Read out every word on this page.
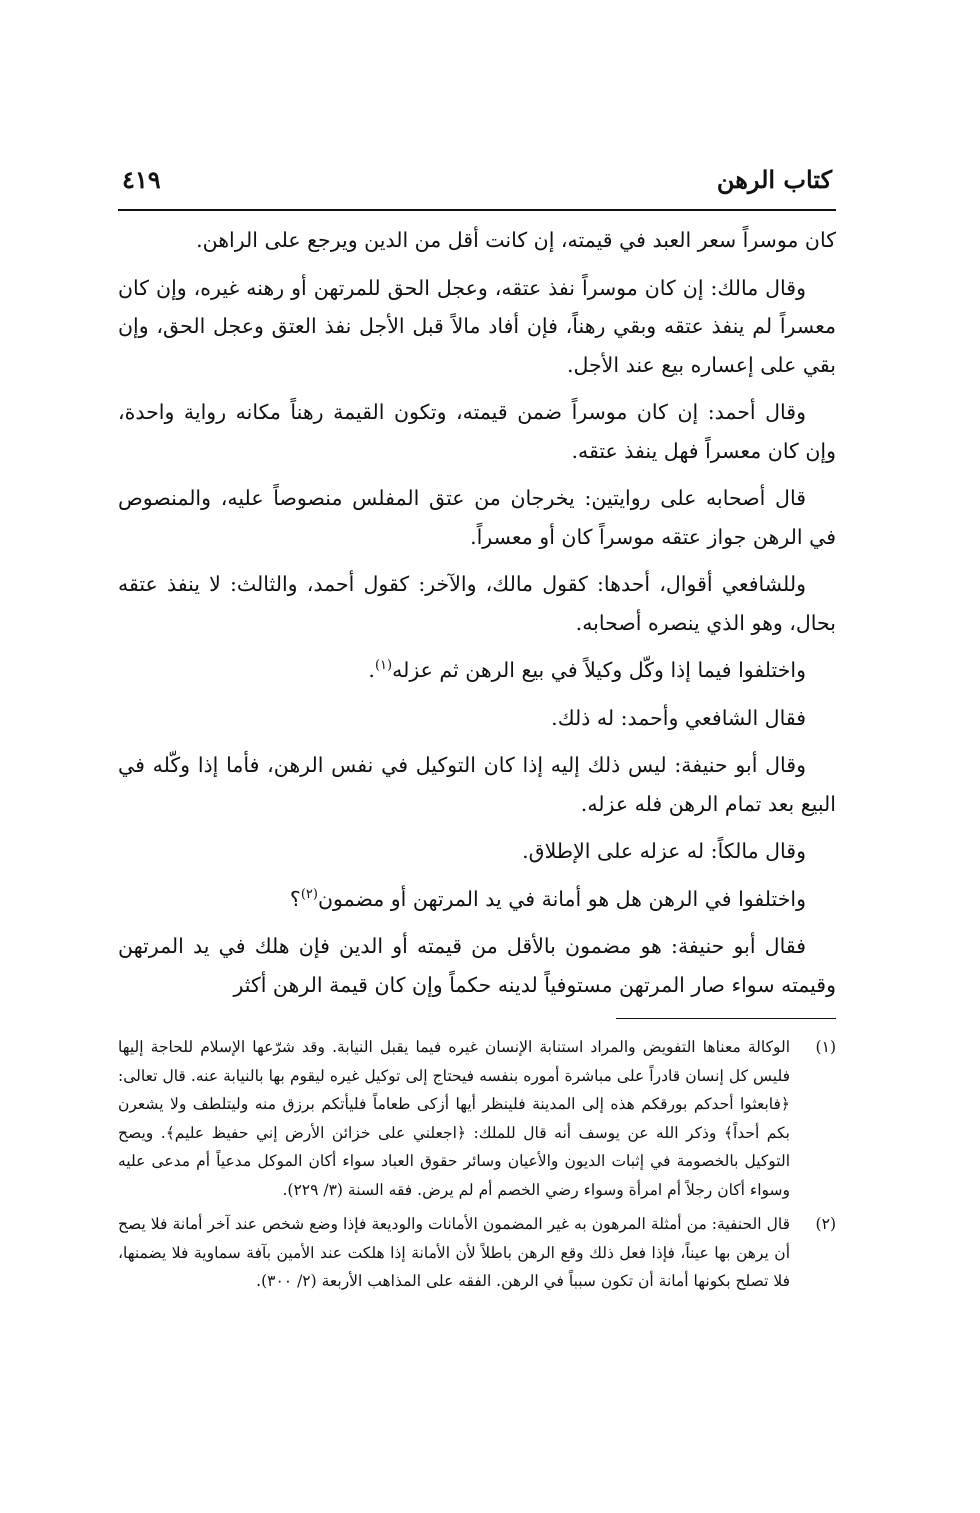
كتاب الرهن
٤١٩

كان موسراً سعر العبد في قيمته، إن كانت أقل من الدين ويرجع على الراهن.

وقال مالك: إن كان موسراً نفذ عتقه، وعجل الحق للمرتهن أو رهنه غيره، وإن كان معسراً لم ينفذ عتقه وبقي رهناً، فإن أفاد مالاً قبل الأجل نفذ العتق وعجل الحق، وإن بقي على إعساره بيع عند الأجل.

وقال أحمد: إن كان موسراً ضمن قيمته، وتكون القيمة رهناً مكانه رواية واحدة، وإن كان معسراً فهل ينفذ عتقه.

قال أصحابه على روايتين: يخرجان من عتق المفلس منصوصاً عليه، والمنصوص في الرهن جواز عتقه موسراً كان أو معسراً.

وللشافعي أقوال، أحدها: كقول مالك، والآخر: كقول أحمد، والثالث: لا ينفذ عتقه بحال، وهو الذي ينصره أصحابه.

واختلفوا فيما إذا وكّل وكيلاً في بيع الرهن ثم عزله$^{(١)}$.

فقال الشافعي وأحمد: له ذلك.

وقال أبو حنيفة: ليس ذلك إليه إذا كان التوكيل في نفس الرهن، فأما إذا وكّله في البيع بعد تمام الرهن فله عزله.

وقال مالكاً: له عزله على الإطلاق.

واختلفوا في الرهن هل هو أمانة في يد المرتهن أو مضمون$^{(٢)}$؟

فقال أبو حنيفة: هو مضمون بالأقل من قيمته أو الدين فإن هلك في يد المرتهن وقيمته سواء صار المرتهن مستوفياً لدينه حكماً وإن كان قيمة الرهن أكثر

(١)
الوكالة معناها التفويض والمراد استنابة الإنسان غيره فيما يقبل النيابة. وقد شرّعها الإسلام للحاجة إليها فليس كل إنسان قادراً على مباشرة أموره بنفسه فيحتاج إلى توكيل غيره ليقوم بها بالنيابة عنه. قال تعالى: ﴿فابعثوا أحدكم بورقكم هذه إلى المدينة فلينظر أيها أزكى طعاماً فليأتكم برزق منه وليتلطف ولا يشعرن بكم أحداً﴾ وذكر الله عن يوسف أنه قال للملك: ﴿اجعلني على خزائن الأرض إني حفيظ عليم﴾. ويصح التوكيل بالخصومة في إثبات الديون والأعيان وسائر حقوق العباد سواء أكان الموكل مدعياً أم مدعى عليه وسواء أكان رجلاً أم امرأة وسواء رضي الخصم أم لم يرض. فقه السنة (٣/ ٢٢٩).
(٢)
قال الحنفية: من أمثلة المرهون به غير المضمون الأمانات والوديعة فإذا وضع شخص عند آخر أمانة فلا يصح أن يرهن بها عيناً، فإذا فعل ذلك وقع الرهن باطلاً لأن الأمانة إذا هلكت عند الأمين بآفة سماوية فلا يضمنها، فلا تصلح بكونها أمانة أن تكون سبباً في الرهن. الفقه على المذاهب الأربعة (٢/ ٣٠٠).
